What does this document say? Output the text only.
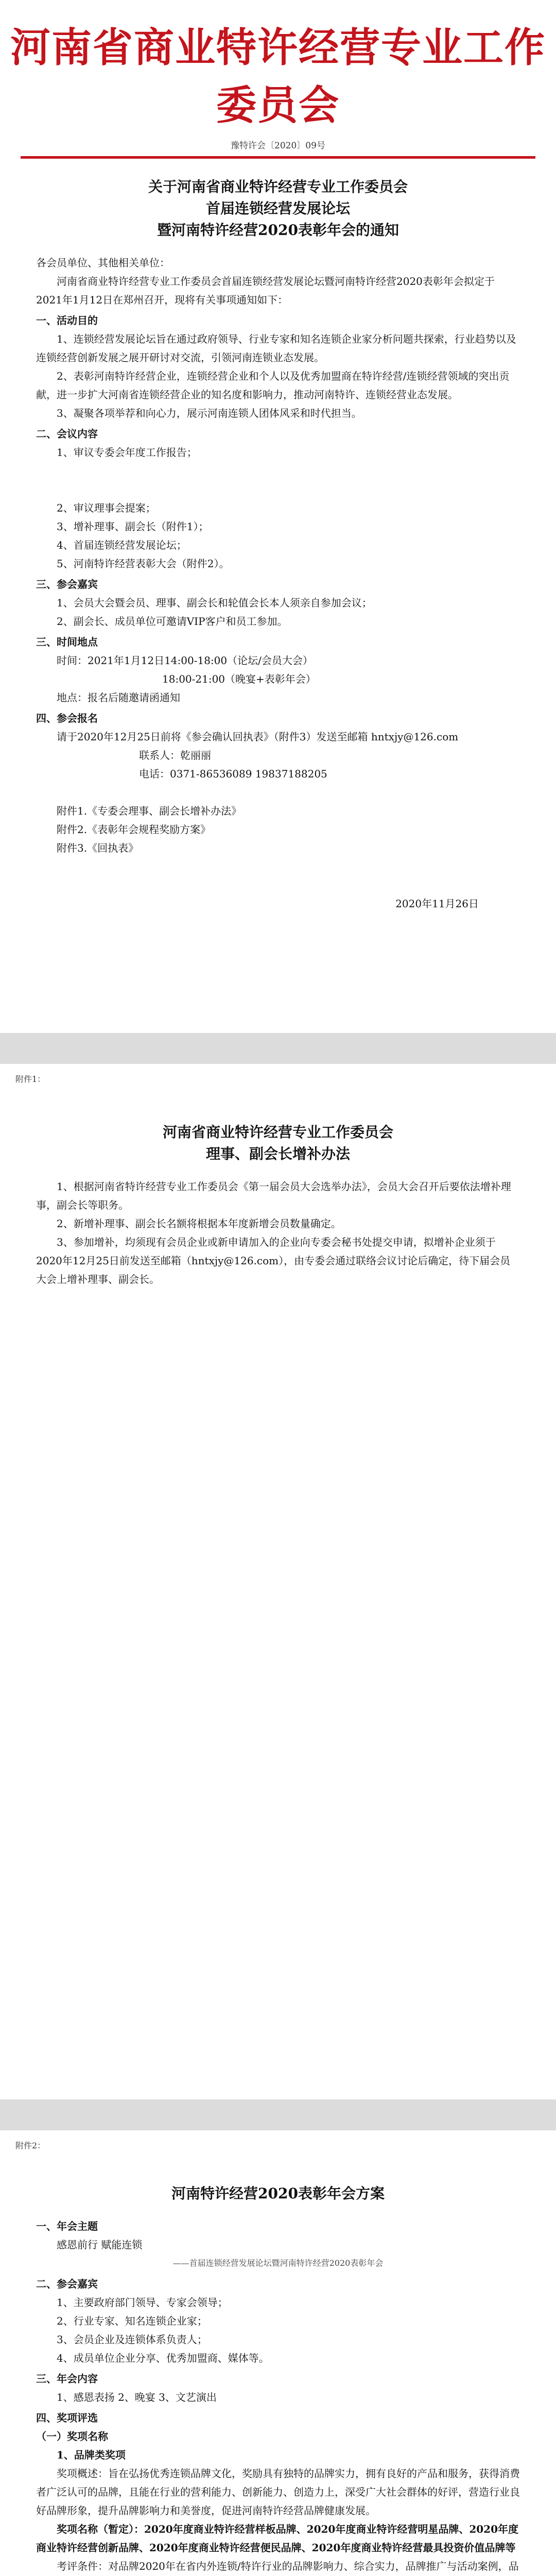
河南省商业特许经营专业工作委员会
豫特许会〔2020〕09号
关于河南省商业特许经营专业工作委员会
首届连锁经营发展论坛
暨河南特许经营2020表彰年会的通知

各会员单位、其他相关单位：

河南省商业特许经营专业工作委员会首届连锁经营发展论坛暨河南特许经营2020表彰年会拟定于2021年1月12日在郑州召开，现将有关事项通知如下：

一、活动目的

1、连锁经营发展论坛旨在通过政府领导、行业专家和知名连锁企业家分析问题共探索，行业趋势以及连锁经营创新发展之展开研讨对交流，引领河南连锁业态发展。

2、表彰河南特许经营企业，连锁经营企业和个人以及优秀加盟商在特许经营/连锁经营领域的突出贡献，进一步扩大河南省连锁经营企业的知名度和影响力，推动河南特许、连锁经营业态发展。

3、凝聚各项举荐和向心力，展示河南连锁人团体风采和时代担当。

二、会议内容

1、审议专委会年度工作报告；

2、审议理事会提案；

3、增补理事、副会长（附件1）；

4、首届连锁经营发展论坛；

5、河南特许经营表彰大会（附件2）。

三、参会嘉宾

1、会员大会暨会员、理事、副会长和轮值会长本人须亲自参加会议；

2、副会长、成员单位可邀请VIP客户和员工参加。

三、时间地点

时间：2021年1月12日14:00-18:00（论坛/会员大会）

18:00-21:00（晚宴+表彰年会）

地点：报名后随邀请函通知

四、参会报名

请于2020年12月25日前将《参会确认回执表》（附件3）发送至邮箱 hntxjy@126.com

联系人：乾丽丽

电话：0371-86536089 19837188205

附件1.《专委会理事、副会长增补办法》

附件2.《表彰年会规程奖励方案》

附件3.《回执表》

2020年11月26日

附件1：
河南省商业特许经营专业工作委员会
理事、副会长增补办法

1、根据河南省特许经营专业工作委员会《第一届会员大会选举办法》，会员大会召开后要依法增补理事，副会长等职务。

2、新增补理事、副会长名额将根据本年度新增会员数量确定。

3、参加增补，均须现有会员企业或新申请加入的企业向专委会秘书处提交申请，拟增补企业须于2020年12月25日前发送至邮箱（hntxjy@126.com），由专委会通过联络会议讨论后确定，待下届会员大会上增补理事、副会长。

附件2：
河南特许经营2020表彰年会方案

一、年会主题

感恩前行 赋能连锁

——首届连锁经营发展论坛暨河南特许经营2020表彰年会

二、参会嘉宾

1、主要政府部门领导、专家会领导；

2、行业专家、知名连锁企业家；

3、会员企业及连锁体系负责人；

4、成员单位企业分享、优秀加盟商、媒体等。

三、年会内容

1、感恩表扬 2、晚宴 3、文艺演出

四、奖项评选

（一）奖项名称

1、品牌类奖项

奖项概述：旨在弘扬优秀连锁品牌文化，奖励具有独特的品牌实力，拥有良好的产品和服务，获得消费者广泛认可的品牌，且能在行业的营利能力、创新能力、创造力上，深受广大社会群体的好评，营造行业良好品牌形象，提升品牌影响力和美誉度，促进河南特许经营品牌健康发展。

奖项名称（暂定）：2020年度商业特许经营样板品牌、2020年度商业特许经营明星品牌、2020年度商业特许经营创新品牌、2020年度商业特许经营便民品牌、2020年度商业特许经营最具投资价值品牌等

考评条件：对品牌2020年在省内外连锁/特许行业的品牌影响力、综合实力，品牌推广与活动案例，品
